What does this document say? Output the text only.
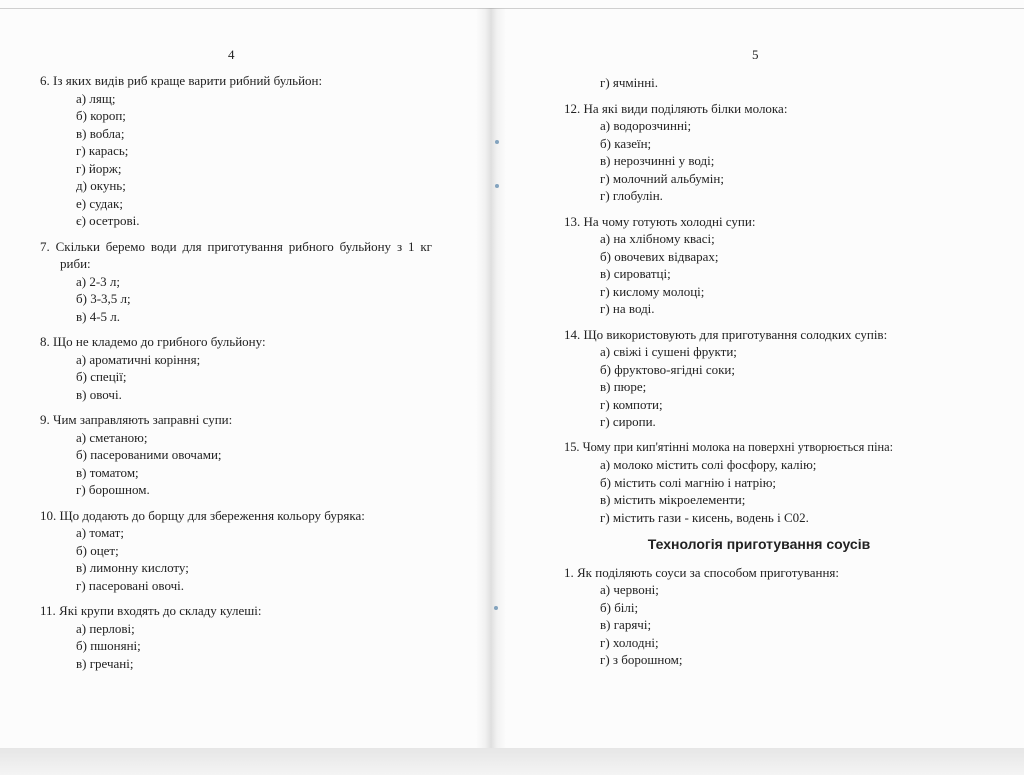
4

6. Із яких видів риб краще варити рибний бульйон:

а) лящ;
б) короп;
в) вобла;
г) карась;
г) йорж;
д) окунь;
е) судак;
є) осетрові.

7. Скільки беремо води для приготування рибного бульйону з 1 кг риби:

а) 2-3 л;
б) 3-3,5 л;
в) 4-5 л.

8. Що не кладемо до грибного бульйону:

а) ароматичні коріння;
б) спеції;
в) овочі.

9. Чим заправляють заправні супи:

а) сметаною;
б) пасерованими овочами;
в) томатом;
г) борошном.

10. Що додають до борщу для збереження кольору буряка:

а) томат;
б) оцет;
в) лимонну кислоту;
г) пасеровані овочі.

11. Які крупи входять до складу кулеші:

а) перлові;
б) пшоняні;
в) гречані;
5
г) ячмінні.

12. На які види поділяють білки молока:

а) водорозчинні;
б) казеїн;
в) нерозчинні у воді;
г) молочний альбумін;
г) глобулін.

13. На чому готують холодні супи:

а) на хлібному квасі;
б) овочевих відварах;
в) сироватці;
г) кислому молоці;
г) на воді.

14. Що використовують для приготування солодких супів:

а) свіжі і сушені фрукти;
б) фруктово-ягідні соки;
в) пюре;
г) компоти;
г) сиропи.

15. Чому при кип'ятінні молока на поверхні утворюється піна:

а) молоко містить солі фосфору, калію;
б) містить солі магнію і натрію;
в) містить мікроелементи;
г) містить гази - кисень, водень і С02.
Технологія приготування соусів

1. Як поділяють соуси за способом приготування:

а) червоні;
б) білі;
в) гарячі;
г) холодні;
г) з борошном;
